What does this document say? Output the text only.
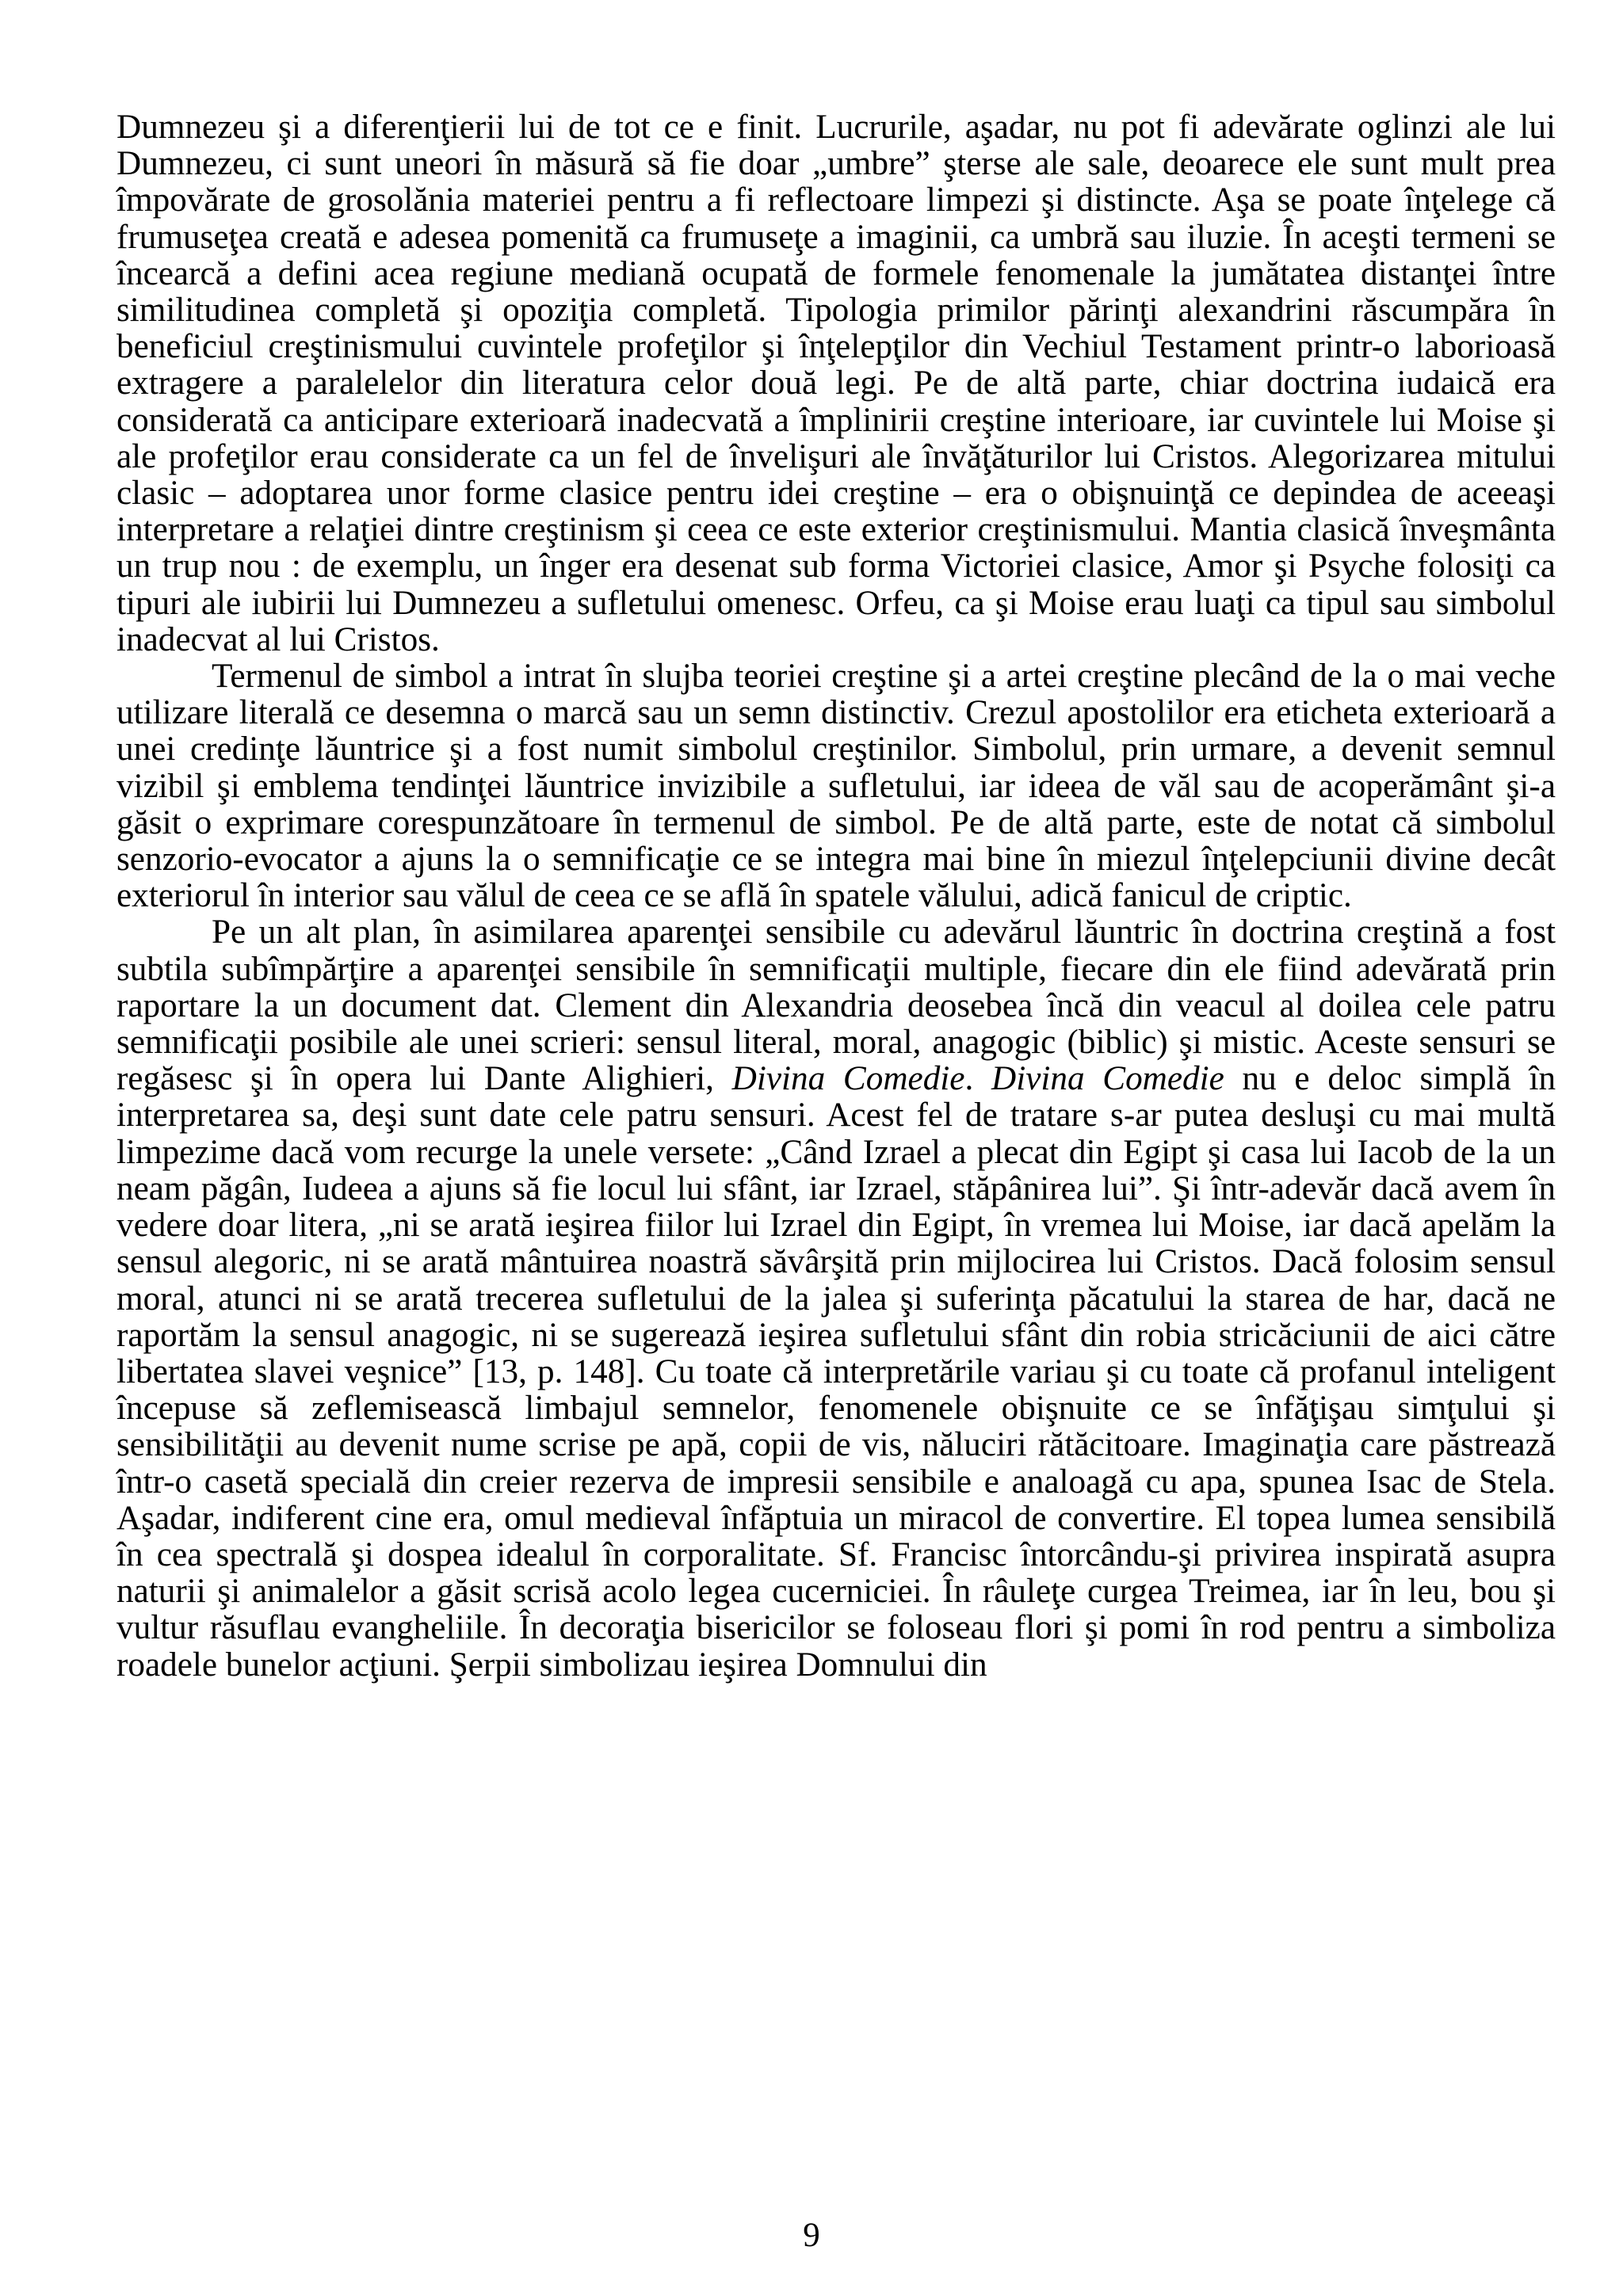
Dumnezeu şi a diferenţierii lui de tot ce e finit. Lucrurile, aşadar, nu pot fi adevărate oglinzi ale lui Dumnezeu, ci sunt uneori în măsură să fie doar „umbre” şterse ale sale, deoarece ele sunt mult prea împovărate de grosolănia materiei pentru a fi reflectoare limpezi şi distincte. Aşa se poate înţelege că frumuseţea creată e adesea pomenită ca frumuseţe a imaginii, ca umbră sau iluzie. În aceşti termeni se încearcă a defini acea regiune mediană ocupată de formele fenomenale la jumătatea distanţei între similitudinea completă şi opoziţia completă. Tipologia primilor părinţi alexandrini răscumpăra în beneficiul creştinismului cuvintele profeţilor şi înţelepţilor din Vechiul Testament printr-o laborioasă extragere a paralelelor din literatura celor două legi. Pe de altă parte, chiar doctrina iudaică era considerată ca anticipare exterioară inadecvată a împlinirii creştine interioare, iar cuvintele lui Moise şi ale profeţilor erau considerate ca un fel de învelişuri ale învăţăturilor lui Cristos. Alegorizarea mitului clasic – adoptarea unor forme clasice pentru idei creştine – era o obişnuinţă ce depindea de aceeaşi interpretare a relaţiei dintre creştinism şi ceea ce este exterior creştinismului. Mantia clasică înveşmânta un trup nou : de exemplu, un înger era desenat sub forma Victoriei clasice, Amor şi Psyche folosiţi ca tipuri ale iubirii lui Dumnezeu a sufletului omenesc. Orfeu, ca şi Moise erau luaţi ca tipul sau simbolul inadecvat al lui Cristos.

Termenul de simbol a intrat în slujba teoriei creştine şi a artei creştine plecând de la o mai veche utilizare literală ce desemna o marcă sau un semn distinctiv. Crezul apostolilor era eticheta exterioară a unei credinţe lăuntrice şi a fost numit simbolul creştinilor. Simbolul, prin urmare, a devenit semnul vizibil şi emblema tendinţei lăuntrice invizibile a sufletului, iar ideea de văl sau de acoperământ şi-a găsit o exprimare corespunzătoare în termenul de simbol. Pe de altă parte, este de notat că simbolul senzorio-evocator a ajuns la o semnificaţie ce se integra mai bine în miezul înţelepciunii divine decât exteriorul în interior sau vălul de ceea ce se află în spatele vălului, adică fanicul de criptic.

Pe un alt plan, în asimilarea aparenţei sensibile cu adevărul lăuntric în doctrina creştină a fost subtila subîmpărţire a aparenţei sensibile în semnificaţii multiple, fiecare din ele fiind adevărată prin raportare la un document dat. Clement din Alexandria deosebea încă din veacul al doilea cele patru semnificaţii posibile ale unei scrieri: sensul literal, moral, anagogic (biblic) şi mistic. Aceste sensuri se regăsesc şi în opera lui Dante Alighieri, Divina Comedie. Divina Comedie nu e deloc simplă în interpretarea sa, deşi sunt date cele patru sensuri. Acest fel de tratare s-ar putea desluşi cu mai multă limpezime dacă vom recurge la unele versete: „Când Izrael a plecat din Egipt şi casa lui Iacob de la un neam păgân, Iudeea a ajuns să fie locul lui sfânt, iar Izrael, stăpânirea lui”. Şi într-adevăr dacă avem în vedere doar litera, „ni se arată ieşirea fiilor lui Izrael din Egipt, în vremea lui Moise, iar dacă apelăm la sensul alegoric, ni se arată mântuirea noastră săvârşită prin mijlocirea lui Cristos. Dacă folosim sensul moral, atunci ni se arată trecerea sufletului de la jalea şi suferinţa păcatului la starea de har, dacă ne raportăm la sensul anagogic, ni se sugerează ieşirea sufletului sfânt din robia stricăciunii de aici către libertatea slavei veşnice” [13, p. 148]. Cu toate că interpretările variau şi cu toate că profanul inteligent începuse să zeflemisească limbajul semnelor, fenomenele obişnuite ce se înfăţişau simţului şi sensibilităţii au devenit nume scrise pe apă, copii de vis, năluciri rătăcitoare. Imaginaţia care păstrează într-o casetă specială din creier rezerva de impresii sensibile e analoagă cu apa, spunea Isac de Stela. Aşadar, indiferent cine era, omul medieval înfăptuia un miracol de convertire. El topea lumea sensibilă în cea spectrală şi dospea idealul în corporalitate. Sf. Francisc întorcându-şi privirea inspirată asupra naturii şi animalelor a găsit scrisă acolo legea cucerniciei. În râuleţe curgea Treimea, iar în leu, bou şi vultur răsuflau evangheliile. În decoraţia bisericilor se foloseau flori şi pomi în rod pentru a simboliza roadele bunelor acţiuni. Şerpii simbolizau ieşirea Domnului din

9
